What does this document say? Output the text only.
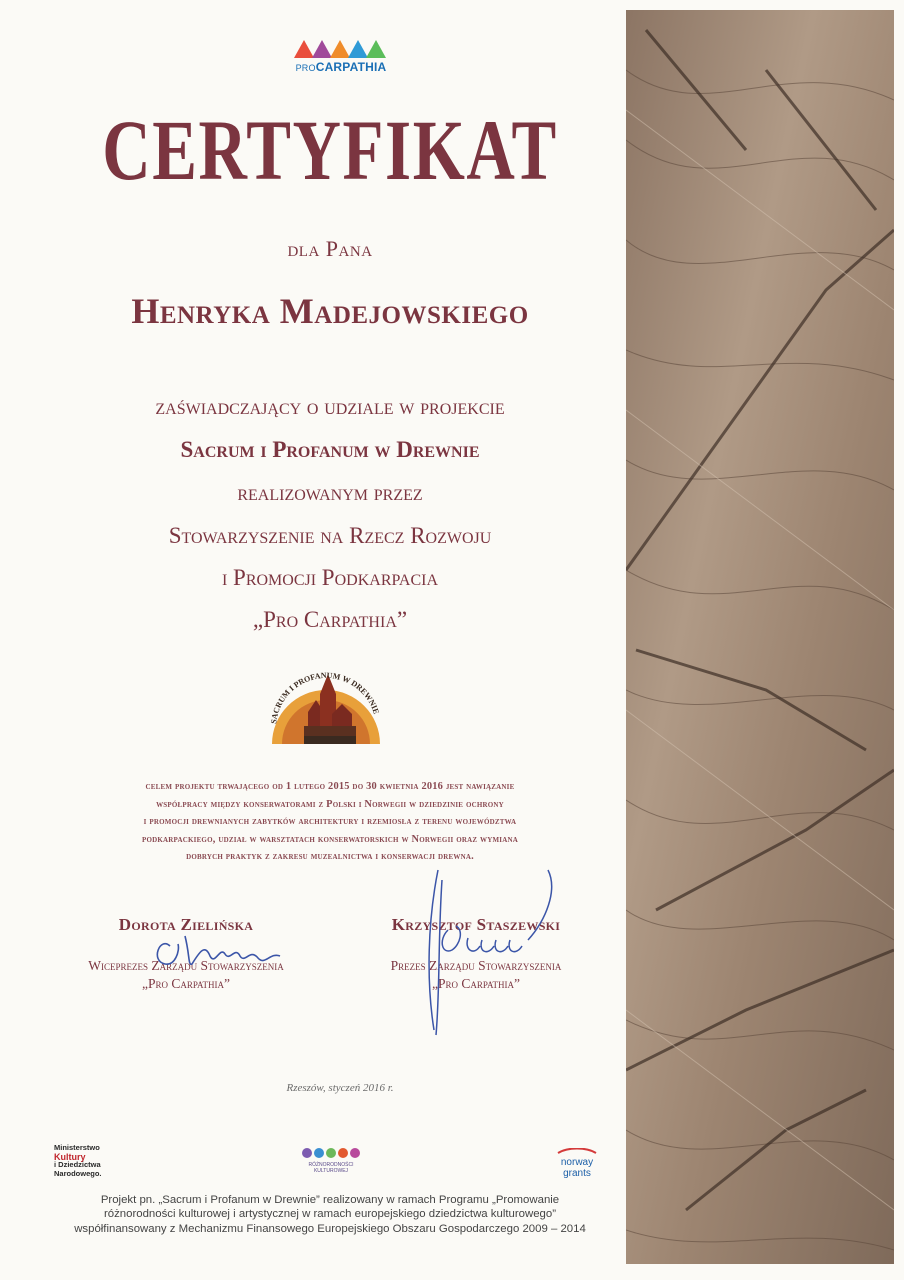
PROCARPATHIA
CERTYFIKAT
dla Pana
Henryka Madejowskiego
zaświadczający o udziale w projekcie
Sacrum i Profanum w Drewnie
realizowanym przez
Stowarzyszenie na Rzecz Rozwoju
i Promocji Podkarpacia
„Pro Carpathia”
SACRUM I PROFANUM W DREWNIE
celem projektu trwającego od 1 lutego 2015 do 30 kwietnia 2016 jest nawiązanie
współpracy między konserwatorami z Polski i Norwegii w dziedzinie ochrony
i promocji drewnianych zabytków architektury i rzemiosła z terenu województwa
podkarpackiego, udział w warsztatach konserwatorskich w Norwegii oraz wymiana
dobrych praktyk z zakresu muzealnictwa i konserwacji drewna.
Dorota Zielińska
Wiceprezes Zarządu Stowarzyszenia
„Pro Carpathia”
Krzysztof Staszewski
Prezes Zarządu Stowarzyszenia
„Pro Carpathia”
Rzeszów, styczeń 2016 r.
Ministerstwo
Kultury
i Dziedzictwa
Narodowego.
RÓŻNORODNOŚCI
KULTUROWEJ
norway
grants
Projekt pn. „Sacrum i Profanum w Drewnie” realizowany w ramach Programu „Promowanie
różnorodności kulturowej i artystycznej w ramach europejskiego dziedzictwa kulturowego”
współfinansowany z Mechanizmu Finansowego Europejskiego Obszaru Gospodarczego 2009 – 2014
